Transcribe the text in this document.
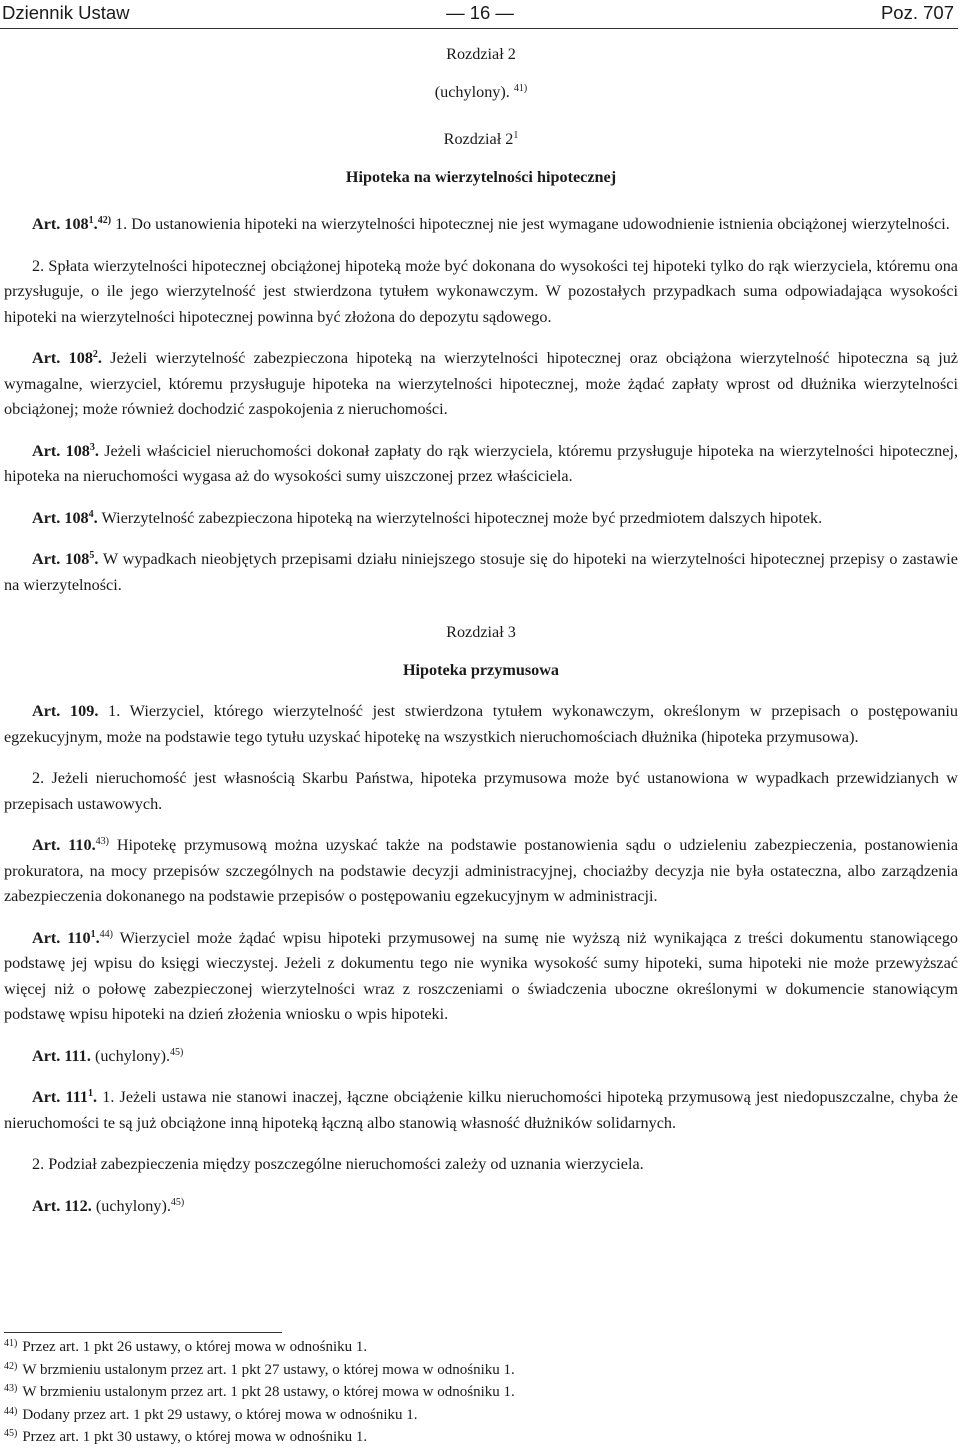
Dziennik Ustaw	— 16 —	Poz. 707
Rozdział 2
(uchylony). $^{41)}$
Rozdział $2^1$
Hipoteka na wierzytelności hipotecznej

Art. $108^1.^{42)}$ 1. Do ustanowienia hipoteki na wierzytelności hipotecznej nie jest wymagane udowodnienie istnienia obciążonej wierzytelności.

2. Spłata wierzytelności hipotecznej obciążonej hipoteką może być dokonana do wysokości tej hipoteki tylko do rąk wierzyciela, któremu ona przysługuje, o ile jego wierzytelność jest stwierdzona tytułem wykonawczym. W pozostałych przypadkach suma odpowiadająca wysokości hipoteki na wierzytelności hipotecznej powinna być złożona do depozytu sądowego.

Art. $108^2$. Jeżeli wierzytelność zabezpieczona hipoteką na wierzytelności hipotecznej oraz obciążona wierzytelność hipoteczna są już wymagalne, wierzyciel, któremu przysługuje hipoteka na wierzytelności hipotecznej, może żądać zapłaty wprost od dłużnika wierzytelności obciążonej; może również dochodzić zaspokojenia z nieruchomości.

Art. $108^3$. Jeżeli właściciel nieruchomości dokonał zapłaty do rąk wierzyciela, któremu przysługuje hipoteka na wierzytelności hipotecznej, hipoteka na nieruchomości wygasa aż do wysokości sumy uiszczonej przez właściciela.

Art. $108^4$. Wierzytelność zabezpieczona hipoteką na wierzytelności hipotecznej może być przedmiotem dalszych hipotek.

Art. $108^5$. W wypadkach nieobjętych przepisami działu niniejszego stosuje się do hipoteki na wierzytelności hipotecznej przepisy o zastawie na wierzytelności.

Rozdział 3
Hipoteka przymusowa

Art. 109. 1. Wierzyciel, którego wierzytelność jest stwierdzona tytułem wykonawczym, określonym w przepisach o postępowaniu egzekucyjnym, może na podstawie tego tytułu uzyskać hipotekę na wszystkich nieruchomościach dłużnika (hipoteka przymusowa).

2. Jeżeli nieruchomość jest własnością Skarbu Państwa, hipoteka przymusowa może być ustanowiona w wypadkach przewidzianych w przepisach ustawowych.

Art. 110.$^{43)}$ Hipotekę przymusową można uzyskać także na podstawie postanowienia sądu o udzieleniu zabezpieczenia, postanowienia prokuratora, na mocy przepisów szczególnych na podstawie decyzji administracyjnej, chociażby decyzja nie była ostateczna, albo zarządzenia zabezpieczenia dokonanego na podstawie przepisów o postępowaniu egzekucyjnym w administracji.

Art. $110^1.^{44)}$ Wierzyciel może żądać wpisu hipoteki przymusowej na sumę nie wyższą niż wynikająca z treści dokumentu stanowiącego podstawę jej wpisu do księgi wieczystej. Jeżeli z dokumentu tego nie wynika wysokość sumy hipoteki, suma hipoteki nie może przewyższać więcej niż o połowę zabezpieczonej wierzytelności wraz z roszczeniami o świadczenia uboczne określonymi w dokumencie stanowiącym podstawę wpisu hipoteki na dzień złożenia wniosku o wpis hipoteki.

Art. 111. (uchylony).$^{45)}$

Art. $111^1$. 1. Jeżeli ustawa nie stanowi inaczej, łączne obciążenie kilku nieruchomości hipoteką przymusową jest niedopuszczalne, chyba że nieruchomości te są już obciążone inną hipoteką łączną albo stanowią własność dłużników solidarnych.

2. Podział zabezpieczenia między poszczególne nieruchomości zależy od uznania wierzyciela.

Art. 112. (uchylony).$^{45)}$

$^{41)}$ Przez art. 1 pkt 26 ustawy, o której mowa w odnośniku 1.
$^{42)}$ W brzmieniu ustalonym przez art. 1 pkt 27 ustawy, o której mowa w odnośniku 1.
$^{43)}$ W brzmieniu ustalonym przez art. 1 pkt 28 ustawy, o której mowa w odnośniku 1.
$^{44)}$ Dodany przez art. 1 pkt 29 ustawy, o której mowa w odnośniku 1.
$^{45)}$ Przez art. 1 pkt 30 ustawy, o której mowa w odnośniku 1.
